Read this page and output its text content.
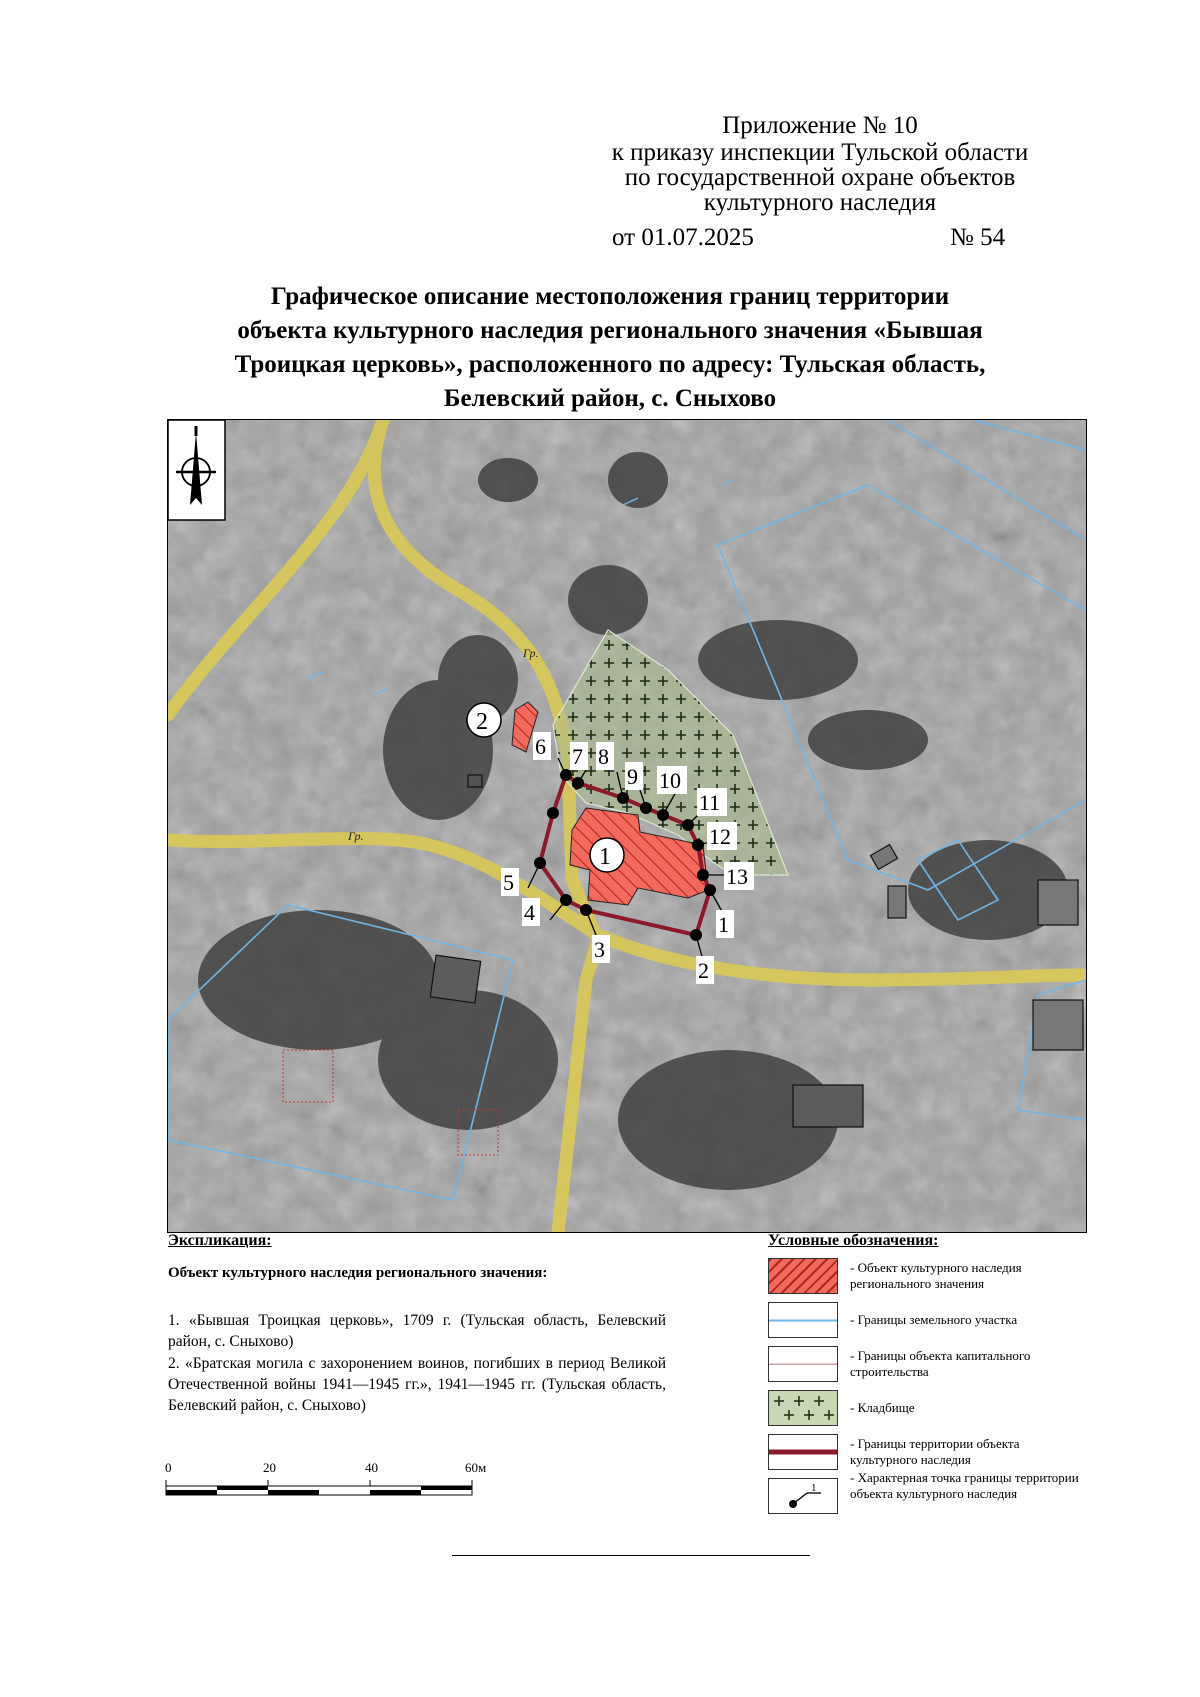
Приложение № 10
к приказу инспекции Тульской области
по государственной охране объектов
культурного наследия
от 01.07.2025	№ 54
Графическое описание местоположения границ территории
объекта культурного наследия регионального значения «Бывшая
Троицкая церковь», расположенного по адресу: Тульская область,
Белевский район, с. Сныхово
Гр.
Гр.
1
2
3
4
5
6 7 8
9 10
11
12
13
1
2
Экспликация:
Объект культурного наследия регионального значения:
1. «Бывшая Троицкая церковь», 1709 г. (Тульская область, Белевский район, с. Сныхово)
2. «Братская могила с захоронением воинов, погибших в период Великой Отечественной войны 1941—1945 гг.», 1941—1945 гг. (Тульская область, Белевский район, с. Сныхово)
0	20	40	60м
Условные обозначения:
- Объект культурного наследия регионального значения
- Границы земельного участка
- Границы объекта капитального строительства
- Кладбище
- Границы территории объекта культурного наследия
1
- Характерная точка границы территории объекта культурного наследия
